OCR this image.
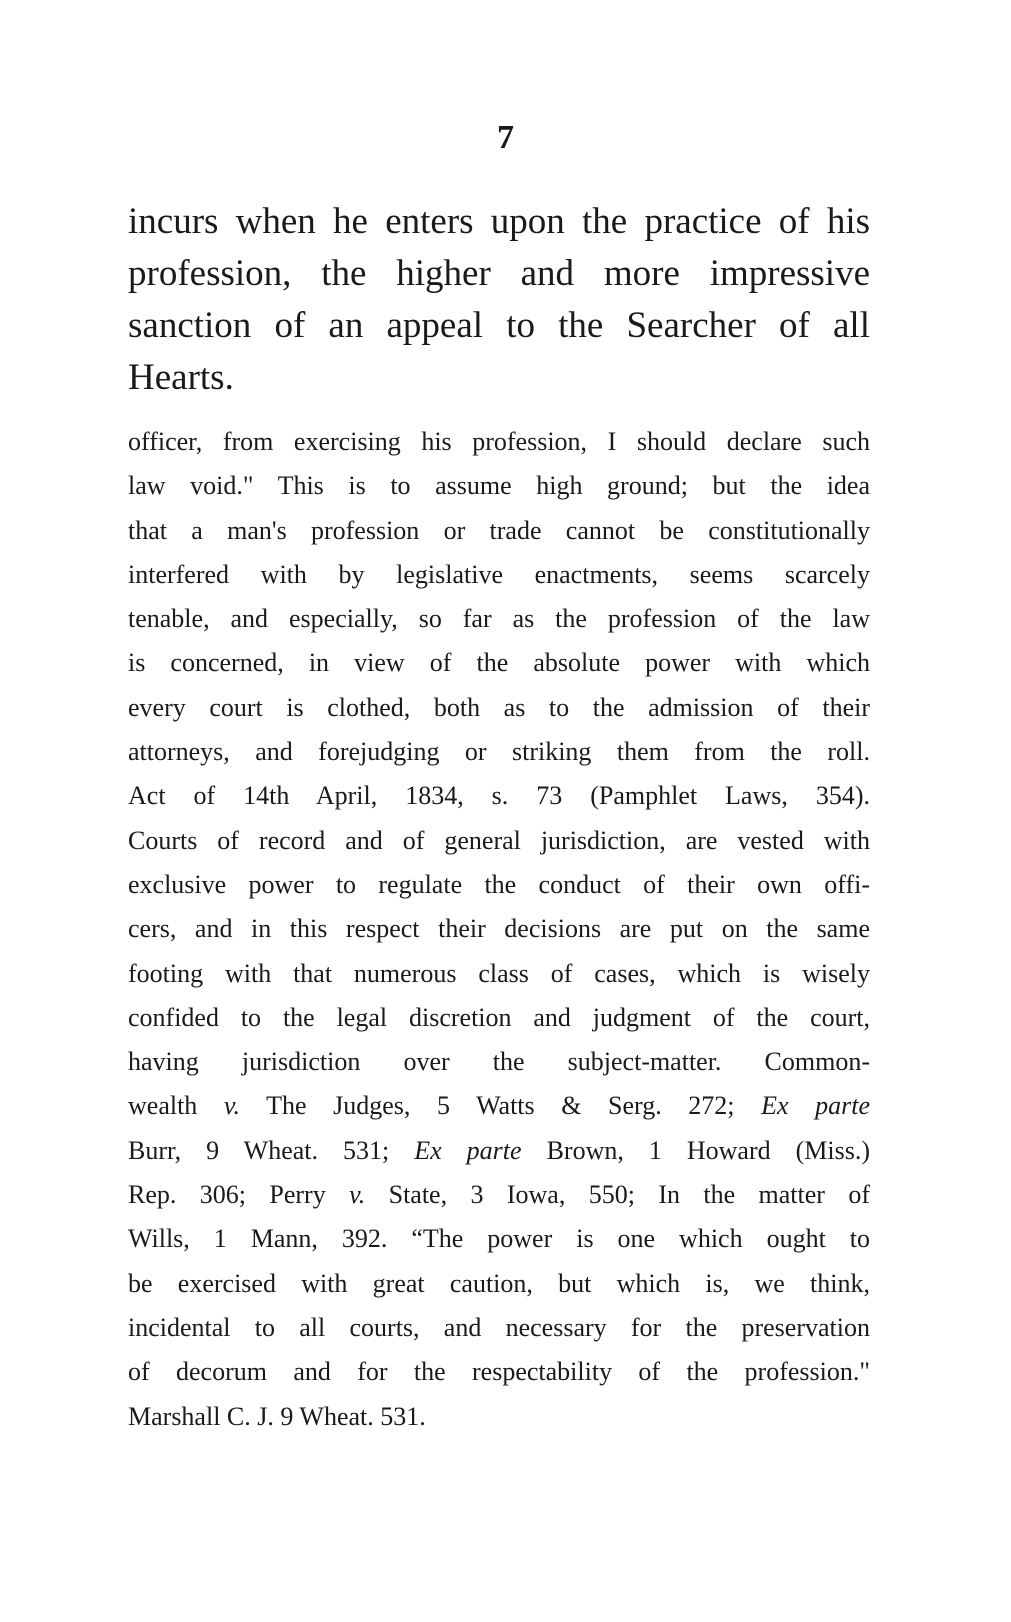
7

incurs when he enters upon the practice of his
profession, the higher and more impressive
sanction of an appeal to the Searcher of all
Hearts.

officer, from exercising his profession, I should declare such
law void." This is to assume high ground; but the idea
that a man's profession or trade cannot be constitutionally
interfered with by legislative enactments, seems scarcely
tenable, and especially, so far as the profession of the law
is concerned, in view of the absolute power with which
every court is clothed, both as to the admission of their
attorneys, and forejudging or striking them from the roll.
Act of 14th April, 1834, s. 73 (Pamphlet Laws, 354).
Courts of record and of general jurisdiction, are vested with
exclusive power to regulate the conduct of their own offi-
cers, and in this respect their decisions are put on the same
footing with that numerous class of cases, which is wisely
confided to the legal discretion and judgment of the court,
having jurisdiction over the subject-matter. Common-
wealth v. The Judges, 5 Watts & Serg. 272; Ex parte
Burr, 9 Wheat. 531; Ex parte Brown, 1 Howard (Miss.)
Rep. 306; Perry v. State, 3 Iowa, 550; In the matter of
Wills, 1 Mann, 392. “The power is one which ought to
be exercised with great caution, but which is, we think,
incidental to all courts, and necessary for the preservation
of decorum and for the respectability of the profession."
Marshall C. J. 9 Wheat. 531.
